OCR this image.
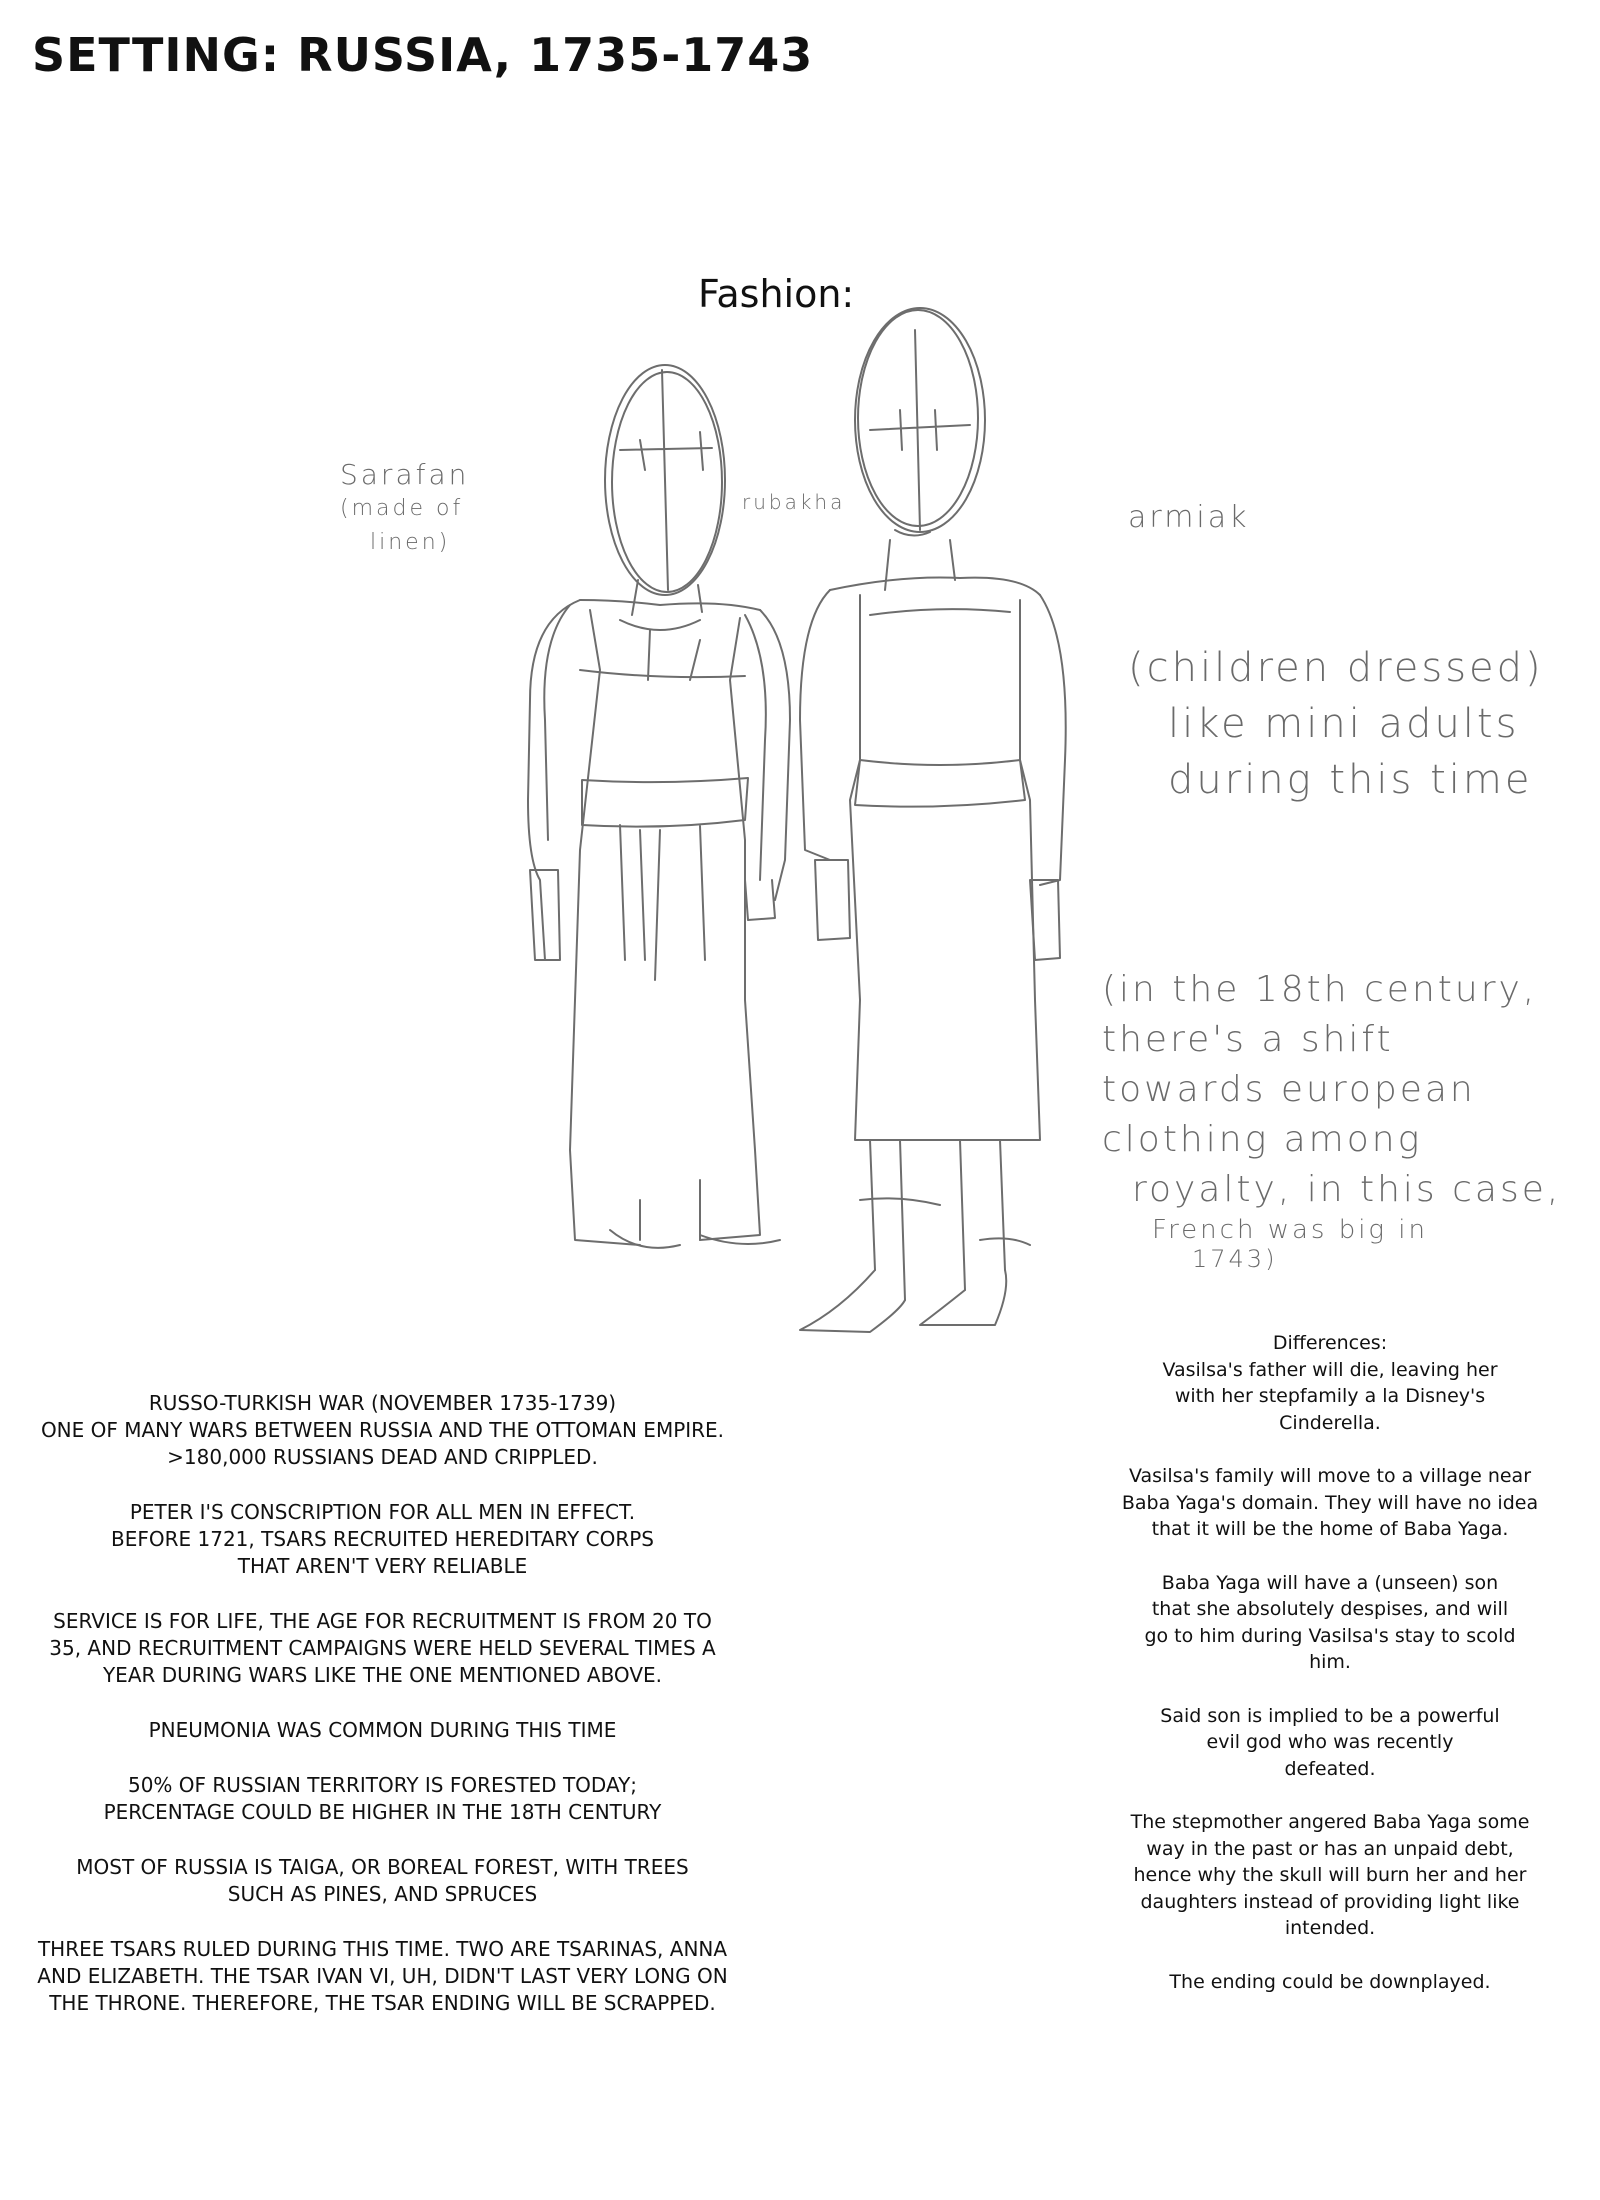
SETTING: RUSSIA, 1735-1743
Fashion:
Sarafan
(made of
linen)
rubakha	armiak
(children dressed)
like mini adults
during this time
(in the 18th century,
there's a shift
towards european
clothing among
royalty, in this case,
French was big in
1743)

RUSSO-TURKISH WAR (NOVEMBER 1735-1739)
ONE OF MANY WARS BETWEEN RUSSIA AND THE OTTOMAN EMPIRE.
>180,000 RUSSIANS DEAD AND CRIPPLED.

PETER I'S CONSCRIPTION FOR ALL MEN IN EFFECT. BEFORE 1721, TSARS RECRUITED HEREDITARY CORPS THAT AREN'T VERY RELIABLE

SERVICE IS FOR LIFE, THE AGE FOR RECRUITMENT IS FROM 20 TO 35, AND RECRUITMENT CAMPAIGNS WERE HELD SEVERAL TIMES A YEAR DURING WARS LIKE THE ONE MENTIONED ABOVE.

PNEUMONIA WAS COMMON DURING THIS TIME

50% OF RUSSIAN TERRITORY IS FORESTED TODAY; PERCENTAGE COULD BE HIGHER IN THE 18TH CENTURY

MOST OF RUSSIA IS TAIGA, OR BOREAL FOREST, WITH TREES SUCH AS PINES, AND SPRUCES

THREE TSARS RULED DURING THIS TIME. TWO ARE TSARINAS, ANNA AND ELIZABETH. THE TSAR IVAN VI, UH, DIDN'T LAST VERY LONG ON THE THRONE. THEREFORE, THE TSAR ENDING WILL BE SCRAPPED.

Differences:

Vasilsa's father will die, leaving her with her stepfamily a la Disney's Cinderella.

Vasilsa's family will move to a village near Baba Yaga's domain. They will have no idea that it will be the home of Baba Yaga.

Baba Yaga will have a (unseen) son that she absolutely despises, and will go to him during Vasilsa's stay to scold him.

Said son is implied to be a powerful evil god who was recently defeated.

The stepmother angered Baba Yaga some way in the past or has an unpaid debt, hence why the skull will burn her and her daughters instead of providing light like intended.

The ending could be downplayed.
